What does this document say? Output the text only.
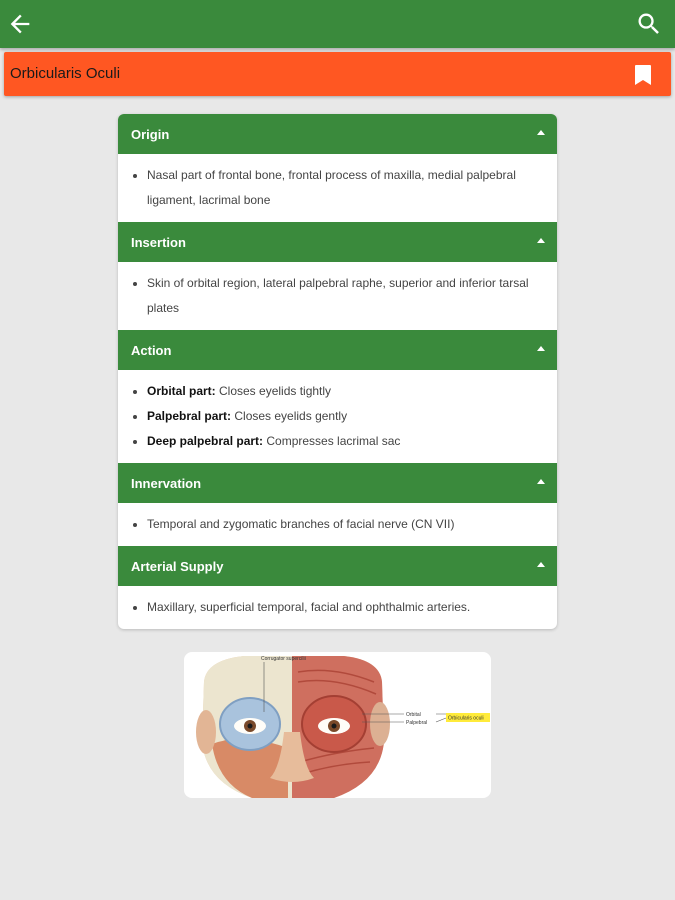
Orbicularis Oculi
Origin
• Nasal part of frontal bone, frontal process of maxilla, medial palpebral ligament, lacrimal bone
Insertion
• Skin of orbital region, lateral palpebral raphe, superior and inferior tarsal plates
Action
• Orbital part: Closes eyelids tightly
• Palpebral part: Closes eyelids gently
• Deep palpebral part: Compresses lacrimal sac
Innervation
• Temporal and zygomatic branches of facial nerve (CN VII)
Arterial Supply
• Maxillary, superficial temporal, facial and ophthalmic arteries.
Corrugator supercilii
Orbital
Palpebral
Orbicularis oculi
